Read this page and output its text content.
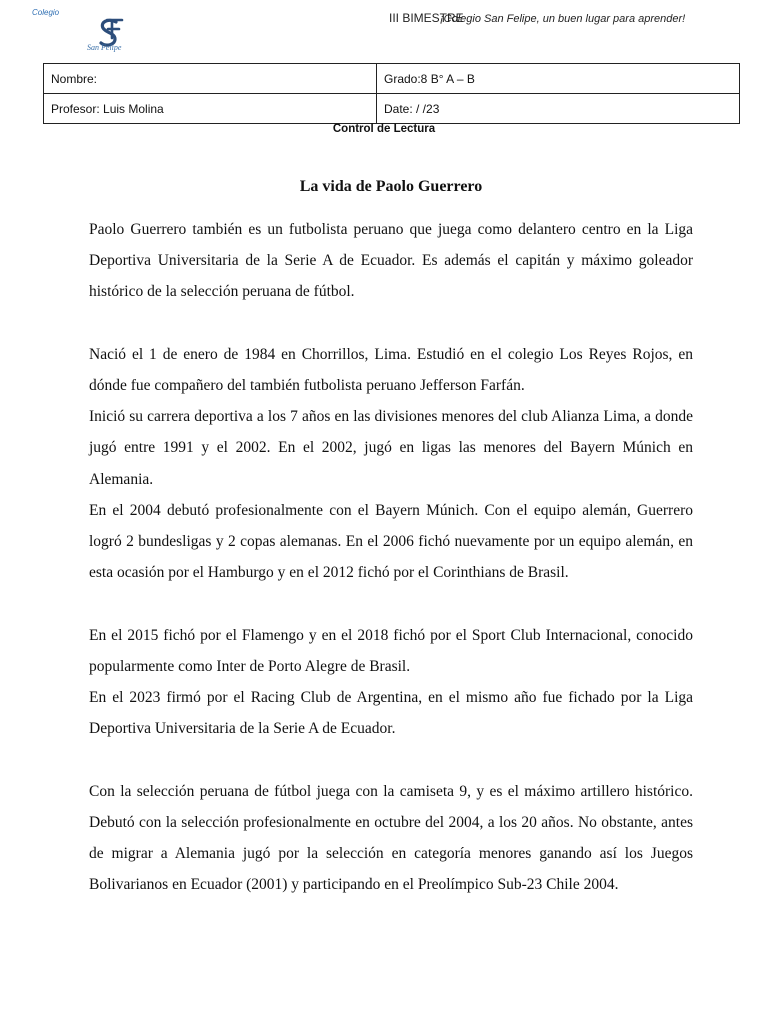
Colegio
San Felipe
III BIMESTRE
¡Colegio San Felipe, un buen lugar para aprender!
Nombre:	Grado:8 B° A – B
Profesor: Luis Molina	Date: / /23
Control de Lectura
La vida de Paolo Guerrero

Paolo Guerrero también es un futbolista peruano que juega como delantero centro en la Liga Deportiva Universitaria de la Serie A de Ecuador. Es además el capitán y máximo goleador histórico de la selección peruana de fútbol.

Nació el 1 de enero de 1984 en Chorrillos, Lima. Estudió en el colegio Los Reyes Rojos, en dónde fue compañero del también futbolista peruano Jefferson Farfán.

Inició su carrera deportiva a los 7 años en las divisiones menores del club Alianza Lima, a donde jugó entre 1991 y el 2002. En el 2002, jugó en ligas las menores del Bayern Múnich en Alemania.

En el 2004 debutó profesionalmente con el Bayern Múnich. Con el equipo alemán, Guerrero logró 2 bundesligas y 2 copas alemanas. En el 2006 fichó nuevamente por un equipo alemán, en esta ocasión por el Hamburgo y en el 2012 fichó por el Corinthians de Brasil.

En el 2015 fichó por el Flamengo y en el 2018 fichó por el Sport Club Internacional, conocido popularmente como Inter de Porto Alegre de Brasil.

En el 2023 firmó por el Racing Club de Argentina, en el mismo año fue fichado por la Liga Deportiva Universitaria de la Serie A de Ecuador.

Con la selección peruana de fútbol juega con la camiseta 9, y es el máximo artillero histórico. Debutó con la selección profesionalmente en octubre del 2004, a los 20 años. No obstante, antes de migrar a Alemania jugó por la selección en categoría menores ganando así los Juegos Bolivarianos en Ecuador (2001) y participando en el Preolímpico Sub-23 Chile 2004.
